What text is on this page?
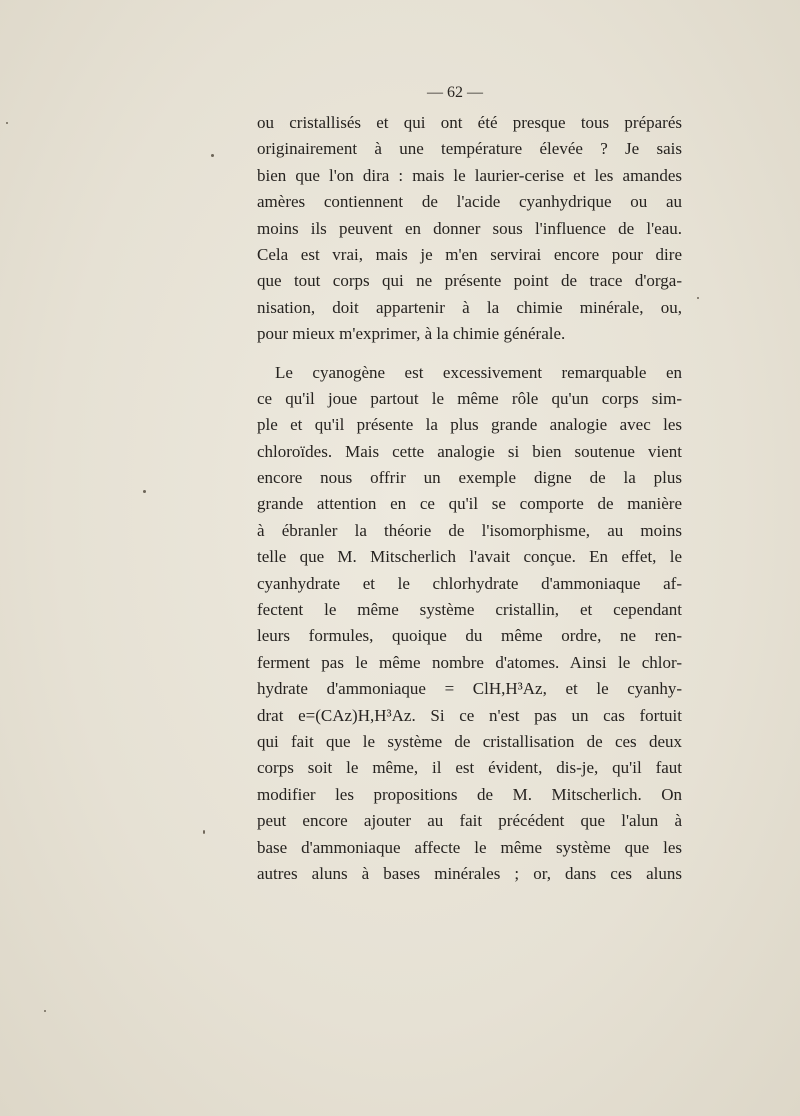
— 62 —
ou cristallisés et qui ont été presque tous préparés
originairement à une température élevée ? Je sais
bien que l'on dira : mais le laurier-cerise et les amandes
amères contiennent de l'acide cyanhydrique ou au
moins ils peuvent en donner sous l'influence de l'eau.
Cela est vrai, mais je m'en servirai encore pour dire
que tout corps qui ne présente point de trace d'orga-
nisation, doit appartenir à la chimie minérale, ou,
pour mieux m'exprimer, à la chimie générale.
Le cyanogène est excessivement remarquable en
ce qu'il joue partout le même rôle qu'un corps sim-
ple et qu'il présente la plus grande analogie avec les
chloroïdes. Mais cette analogie si bien soutenue vient
encore nous offrir un exemple digne de la plus
grande attention en ce qu'il se comporte de manière
à ébranler la théorie de l'isomorphisme, au moins
telle que M. Mitscherlich l'avait conçue. En effet, le
cyanhydrate et le chlorhydrate d'ammoniaque af-
fectent le même système cristallin, et cependant
leurs formules, quoique du même ordre, ne ren-
ferment pas le même nombre d'atomes. Ainsi le chlor-
hydrate d'ammoniaque = ClH,H³Az, et le cyanhy-
drat e=(CAz)H,H³Az. Si ce n'est pas un cas fortuit
qui fait que le système de cristallisation de ces deux
corps soit le même, il est évident, dis-je, qu'il faut
modifier les propositions de M. Mitscherlich. On
peut encore ajouter au fait précédent que l'alun à
base d'ammoniaque affecte le même système que les
autres aluns à bases minérales ; or, dans ces aluns
